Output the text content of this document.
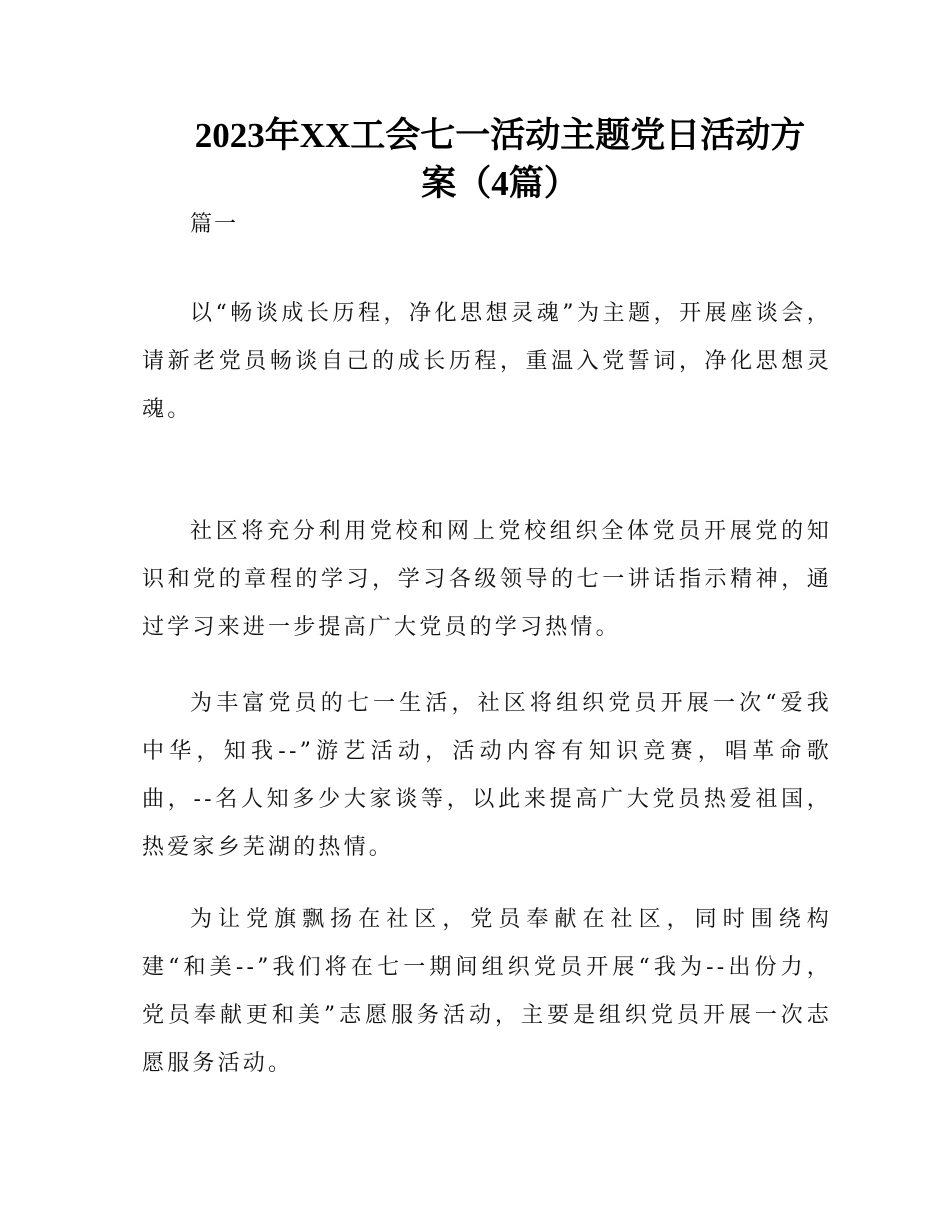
2023年XX工会七一活动主题党日活动方
案（4篇）
篇一

以“畅谈成长历程，净化思想灵魂”为主题，开展座谈会，请新老党员畅谈自己的成长历程，重温入党誓词，净化思想灵魂。

社区将充分利用党校和网上党校组织全体党员开展党的知识和党的章程的学习，学习各级领导的七一讲话指示精神，通过学习来进一步提高广大党员的学习热情。

为丰富党员的七一生活，社区将组织党员开展一次“爱我中华，知我--”游艺活动，活动内容有知识竞赛，唱革命歌曲，--名人知多少大家谈等，以此来提高广大党员热爱祖国，热爱家乡芜湖的热情。

为让党旗飘扬在社区，党员奉献在社区，同时围绕构建“和美--”我们将在七一期间组织党员开展“我为--出份力，党员奉献更和美”志愿服务活动，主要是组织党员开展一次志愿服务活动。
